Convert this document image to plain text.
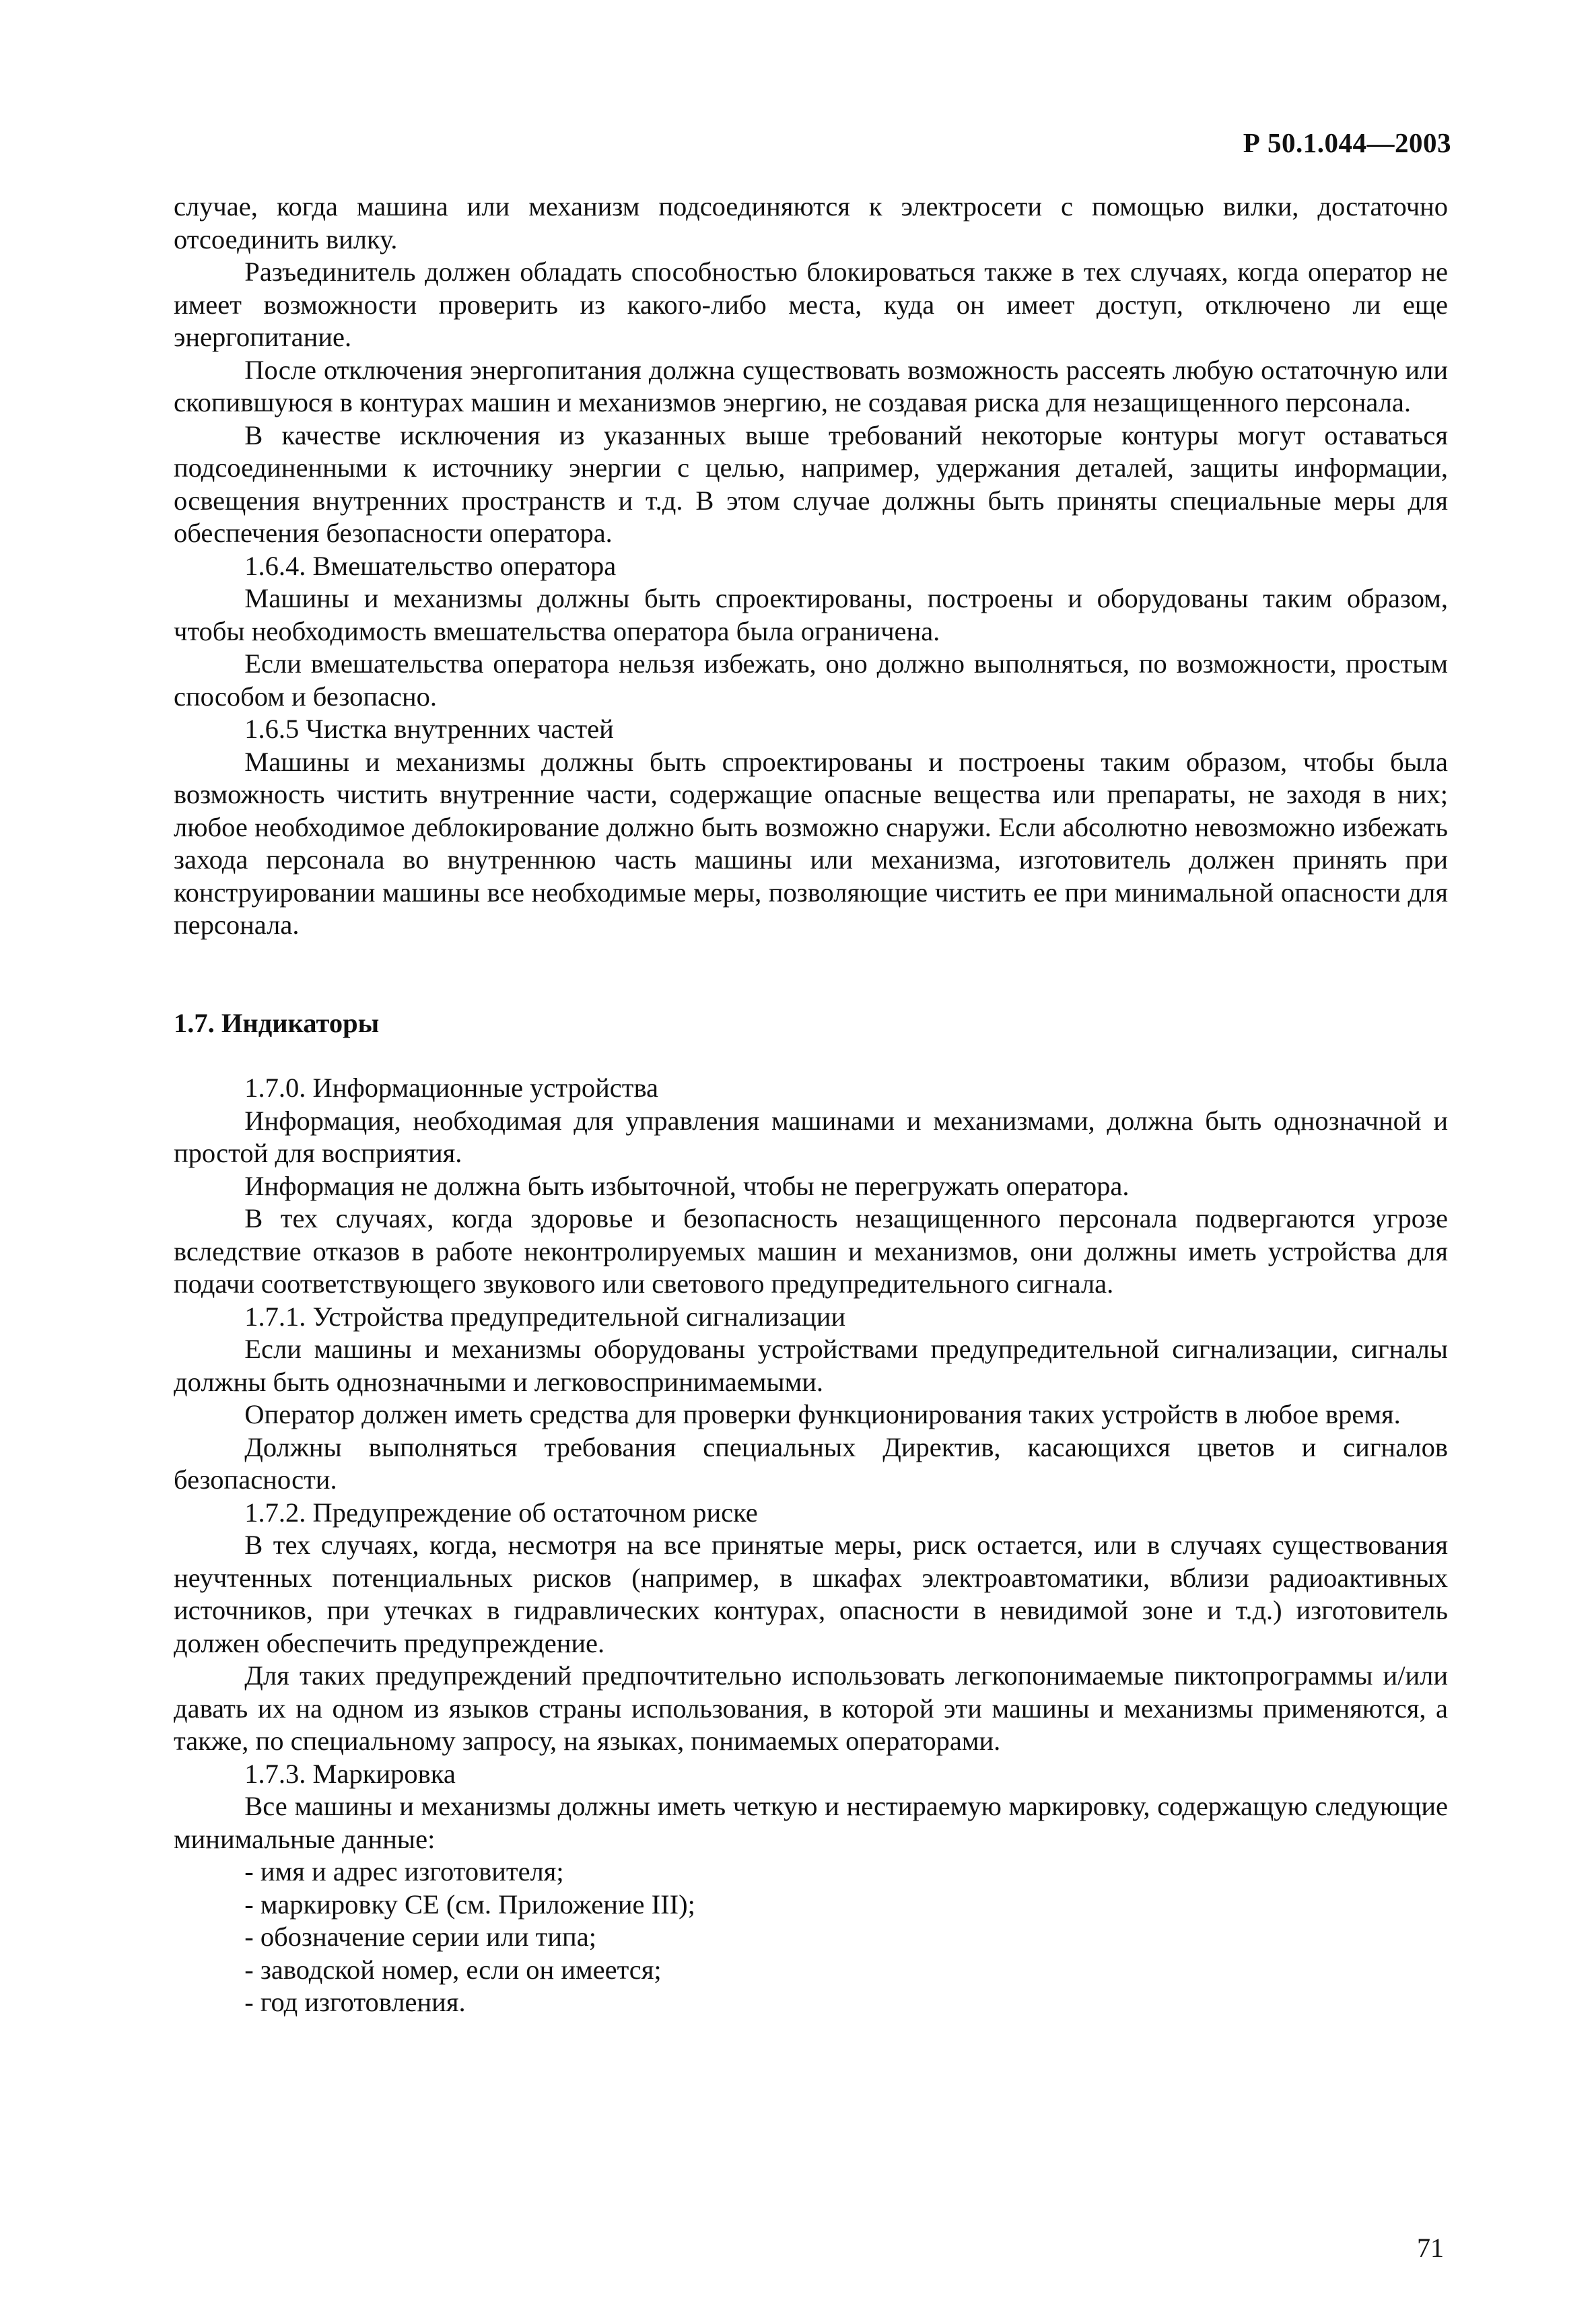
Р 50.1.044—2003

случае, когда машина или механизм подсоединяются к электросети с помощью вилки, достаточно отсоединить вилку.

Разъединитель должен обладать способностью блокироваться также в тех случаях, когда оператор не имеет возможности проверить из какого-либо места, куда он имеет доступ, отключено ли еще энергопитание.

После отключения энергопитания должна существовать возможность рассеять любую остаточную или скопившуюся в контурах машин и механизмов энергию, не создавая риска для незащищенного персонала.

В качестве исключения из указанных выше требований некоторые контуры могут оставаться подсоединенными к источнику энергии с целью, например, удержания деталей, защиты информации, освещения внутренних пространств и т.д. В этом случае должны быть приняты специальные меры для обеспечения безопасности оператора.

1.6.4. Вмешательство оператора

Машины и механизмы должны быть спроектированы, построены и оборудованы таким образом, чтобы необходимость вмешательства оператора была ограничена.

Если вмешательства оператора нельзя избежать, оно должно выполняться, по возможности, простым способом и безопасно.

1.6.5 Чистка внутренних частей

Машины и механизмы должны быть спроектированы и построены таким образом, чтобы была возможность чистить внутренние части, содержащие опасные вещества или препараты, не заходя в них; любое необходимое деблокирование должно быть возможно снаружи. Если абсолютно невозможно избежать захода персонала во внутреннюю часть машины или механизма, изготовитель должен принять при конструировании машины все необходимые меры, позволяющие чистить ее при минимальной опасности для персонала.

1.7. Индикаторы

1.7.0. Информационные устройства

Информация, необходимая для управления машинами и механизмами, должна быть однозначной и простой для восприятия.

Информация не должна быть избыточной, чтобы не перегружать оператора.

В тех случаях, когда здоровье и безопасность незащищенного персонала подвергаются угрозе вследствие отказов в работе неконтролируемых машин и механизмов, они должны иметь устройства для подачи соответствующего звукового или светового предупредительного сигнала.

1.7.1. Устройства предупредительной сигнализации

Если машины и механизмы оборудованы устройствами предупредительной сигнализации, сигналы должны быть однозначными и легковоспринимаемыми.

Оператор должен иметь средства для проверки функционирования таких устройств в любое время.

Должны выполняться требования специальных Директив, касающихся цветов и сигналов безопасности.

1.7.2. Предупреждение об остаточном риске

В тех случаях, когда, несмотря на все принятые меры, риск остается, или в случаях существования неучтенных потенциальных рисков (например, в шкафах электроавтоматики, вблизи радиоактивных источников, при утечках в гидравлических контурах, опасности в невидимой зоне и т.д.) изготовитель должен обеспечить предупреждение.

Для таких предупреждений предпочтительно использовать легкопонимаемые пиктопрограммы и/или давать их на одном из языков страны использования, в которой эти машины и механизмы применяются, а также, по специальному запросу, на языках, понимаемых операторами.

1.7.3. Маркировка

Все машины и механизмы должны иметь четкую и нестираемую маркировку, содержащую следующие минимальные данные:

- имя и адрес изготовителя;

- маркировку СЕ (см. Приложение III);

- обозначение серии или типа;

- заводской номер, если он имеется;

- год изготовления.

71
